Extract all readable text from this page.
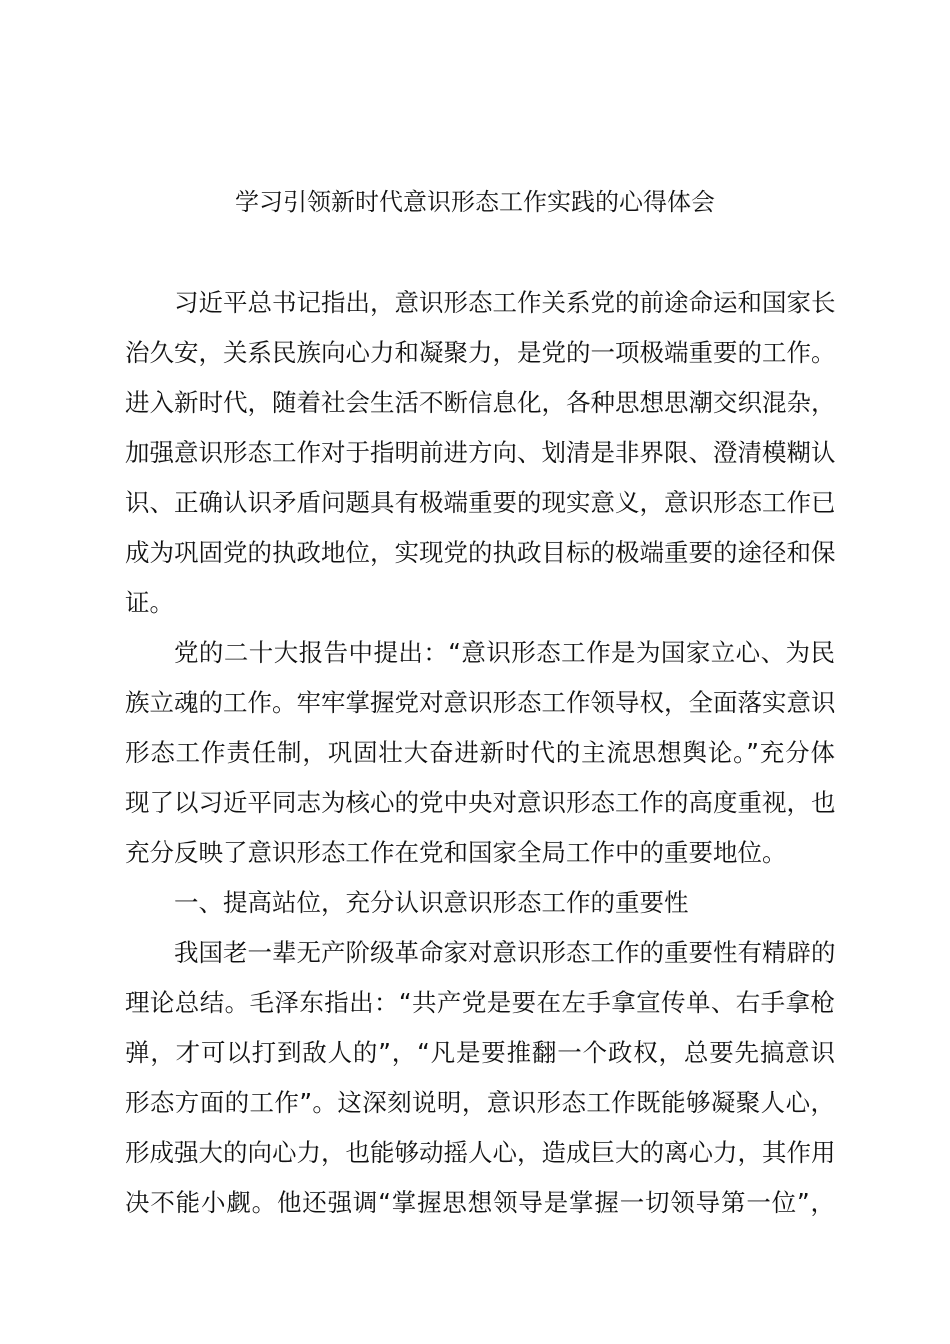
学习引领新时代意识形态工作实践的心得体会
习近平总书记指出，意识形态工作关系党的前途命运和国家长
治久安，关系民族向心力和凝聚力，是党的一项极端重要的工作。
进入新时代，随着社会生活不断信息化，各种思想思潮交织混杂，
加强意识形态工作对于指明前进方向、划清是非界限、澄清模糊认
识、正确认识矛盾问题具有极端重要的现实意义，意识形态工作已
成为巩固党的执政地位，实现党的执政目标的极端重要的途径和保
证。
党的二十大报告中提出：“意识形态工作是为国家立心、为民
族立魂的工作。牢牢掌握党对意识形态工作领导权，全面落实意识
形态工作责任制，巩固壮大奋进新时代的主流思想舆论。”充分体
现了以习近平同志为核心的党中央对意识形态工作的高度重视，也
充分反映了意识形态工作在党和国家全局工作中的重要地位。
一、提高站位，充分认识意识形态工作的重要性
我国老一辈无产阶级革命家对意识形态工作的重要性有精辟的
理论总结。毛泽东指出：“共产党是要在左手拿宣传单、右手拿枪
弹，才可以打到敌人的”，“凡是要推翻一个政权，总要先搞意识
形态方面的工作”。这深刻说明，意识形态工作既能够凝聚人心，
形成强大的向心力，也能够动摇人心，造成巨大的离心力，其作用
决不能小觑。他还强调“掌握思想领导是掌握一切领导第一位”，
